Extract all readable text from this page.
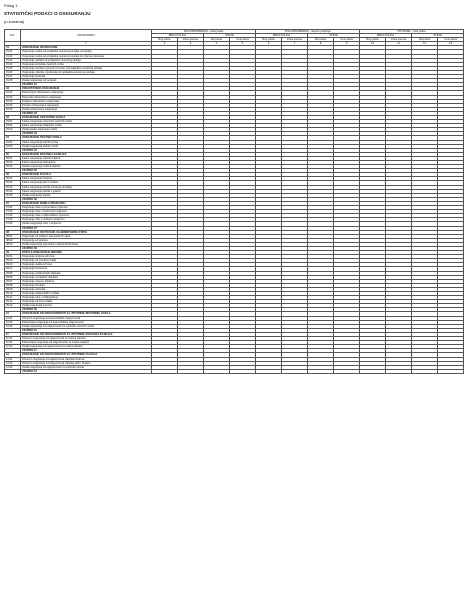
Prilog 1.
STATISTIČKI PODACI O OSIGURANJU
(u kunama)
R.br.	VRSTE RIZIKA	POLJOPRIVREDNO - vrsta polica				POLJOPRIVREDNO - ukupno područja				POTPORE - vrsta polica			
		BROJ POLICA		ŠTETE		BROJ POLICA		ŠTETE		BROJ POLICA		ŠTETE	
		Broj polica	Iznos premije	Broj šteta	Iznos šteta	Broj polica	Iznos premije	Broj šteta	Iznos šteta	Broj polica	Iznos premije	Broj šteta	Iznos šteta
	1	2	3	4	5	6	7	8	9	10	11	12	13
01	OSIGURANJE OD NEZGODE												
01.01	Osiguranje osoba od posljedica nesretnog slučaja (nezgode)												
01.02	Osiguranje osoba od posljedica nesretnog slučaja za vrijeme putovanja												
01.03	Osiguranje radnika od posljedica nesretnog slučaja												
01.04	Osiguranje korisnika motornih vozila												
01.05	Osiguranje putnika u javnom prometu od posljedica nesretnog slučaja												
01.06	Osiguranje učenika i studenata od posljedica nesretnog slučaja												
01.07	Osiguranje sportaša												
01.08	Ostala osiguranja od nezgode												
	UKUPNO 01												
02	ZDRAVSTVENO OSIGURANJE												
02.01	Dobrovoljno zdravstveno osiguranje												
02.02	Dopunsko zdravstveno osiguranje												
02.03	Dodatno zdravstveno osiguranje												
02.04	Privatno zdravstveno osiguranje												
02.05	Ostala zdravstvena osiguranja												
	UKUPNO 02												
03	OSIGURANJE CESTOVNIH VOZILA												
03.01	Kasko osiguranje cestovnih motornih vozila												
03.02	Kasko osiguranje priključnih vozila												
03.03	Ostala kasko osiguranja vozila												
	UKUPNO 03												
04	OSIGURANJE TRAČNIH VOZILA												
04.01	Kasko osiguranje tračnih vozila												
04.02	Ostala osiguranja tračnih vozila												
	UKUPNO 04												
05	OSIGURANJE ZRAČNIH LETJELICA												
05.01	Kasko osiguranje zračnih letjelica												
05.02	Kasko osiguranje helikoptera												
05.03	Ostala osiguranja zračnih letjelica												
	UKUPNO 05												
06	OSIGURANJE PLOVILA												
06.01	Kasko osiguranje brodova												
06.02	Kasko osiguranje jahti i brodica												
06.03	Kasko osiguranje plovila unutarnje plovidbe												
06.04	Kasko osiguranje plovila u gradnji												
06.05	Ostala osiguranja plovila												
	UKUPNO 06												
07	OSIGURANJE ROBE U PRIJEVOZU												
07.01	Osiguranje robe u pomorskom prijevozu												
07.02	Osiguranje robe u cestovnom prijevozu												
07.03	Osiguranje robe u željezničkom prijevozu												
07.04	Osiguranje robe u zračnom prijevozu												
07.05	Ostala osiguranja robe u prijevozu												
	UKUPNO 07												
08	OSIGURANJE OD POŽARA I ELEMENTARNIH ŠTETA												
08.01	Osiguranje od požara i elementarnih šteta												
08.02	Osiguranje od potresa												
08.03	Ostala osiguranja od požara i elementarnih šteta												
	UKUPNO 08												
09	OSTALA OSIGURANJA IMOVINE												
09.01	Osiguranje strojeva od loma												
09.02	Osiguranje od provalne krađe												
09.03	Osiguranje stakla od loma												
09.04	Osiguranje kućanstva												
09.05	Osiguranje građevinskih objekata												
09.06	Osiguranje montažnih objekata												
09.07	Osiguranje usjeva i plodova												
09.08	Osiguranje životinja												
09.09	Osiguranje računala												
09.10	Osiguranje elektroničkih uređaja												
09.11	Osiguranje robe u hladnjačama												
09.12	Osiguranje od loma stakla												
09.13	Ostala osiguranja imovine												
	UKUPNO 09												
10	OSIGURANJE OD ODGOVORNOSTI ZA UPOTREBU MOTORNIH VOZILA												
10.01	Obvezno osiguranje od automobilske odgovornosti												
10.02	Dobrovoljno osiguranje od automobilske odgovornosti												
10.03	Ostala osiguranja od odgovornosti za upotrebu motornih vozila												
	UKUPNO 10												
11	OSIGURANJE OD ODGOVORNOSTI ZA UPOTREBU ZRAČNIH LETJELICA												
11.01	Obvezno osiguranje od odgovornosti za zračne letjelice												
11.02	Dobrovoljno osiguranje od odgovornosti za zračne letjelice												
11.03	Ostala osiguranja od odgovornosti za zračne letjelice												
	UKUPNO 11												
12	OSIGURANJE OD ODGOVORNOSTI ZA UPOTREBU PLOVILA												
12.01	Obvezno osiguranje od odgovornosti vlasnika brodova												
12.02	Obvezno osiguranje od odgovornosti vlasnika jahti i brodica												
12.03	Ostala osiguranja od odgovornosti za upotrebu plovila												
	UKUPNO 12												
